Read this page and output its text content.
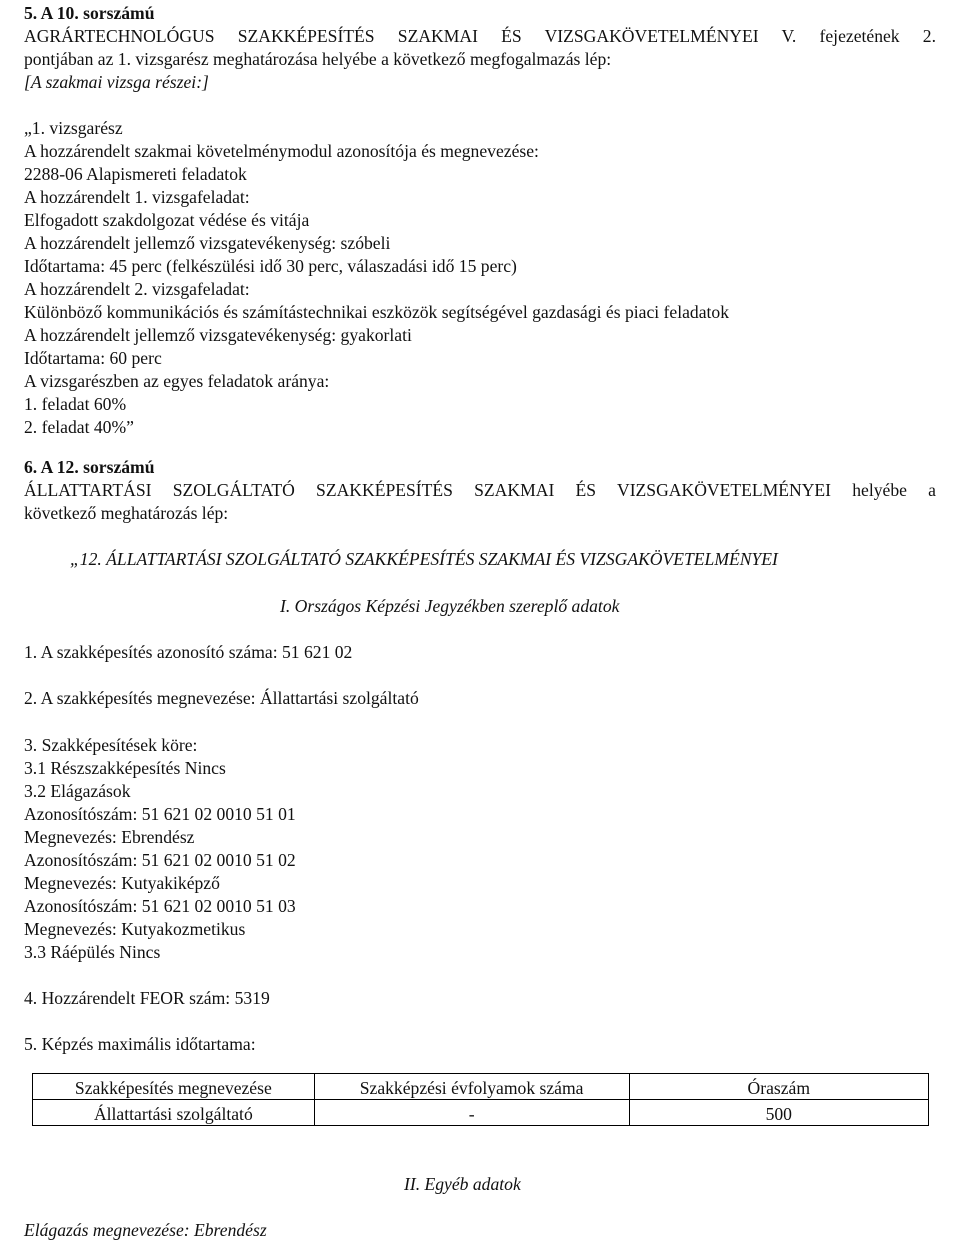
5. A 10. sorszámú
AGRÁRTECHNOLÓGUS SZAKKÉPESÍTÉS SZAKMAI ÉS VIZSGAKÖVETELMÉNYEI V. fejezetének 2.
pontjában az 1. vizsgarész meghatározása helyébe a következő megfogalmazás lép:
[A szakmai vizsga részei:]
„1. vizsgarész
A hozzárendelt szakmai követelménymodul azonosítója és megnevezése:
2288-06 Alapismereti feladatok
A hozzárendelt 1. vizsgafeladat:
Elfogadott szakdolgozat védése és vitája
A hozzárendelt jellemző vizsgatevékenység: szóbeli
Időtartama: 45 perc (felkészülési idő 30 perc, válaszadási idő 15 perc)
A hozzárendelt 2. vizsgafeladat:
Különböző kommunikációs és számítástechnikai eszközök segítségével gazdasági és piaci feladatok
A hozzárendelt jellemző vizsgatevékenység: gyakorlati
Időtartama: 60 perc
A vizsgarészben az egyes feladatok aránya:
1. feladat 60%
2. feladat 40%”
6. A 12. sorszámú
ÁLLATTARTÁSI SZOLGÁLTATÓ SZAKKÉPESÍTÉS SZAKMAI ÉS VIZSGAKÖVETELMÉNYEI helyébe a
következő meghatározás lép:
„12. ÁLLATTARTÁSI SZOLGÁLTATÓ SZAKKÉPESÍTÉS SZAKMAI ÉS VIZSGAKÖVETELMÉNYEI
I. Országos Képzési Jegyzékben szereplő adatok
1. A szakképesítés azonosító száma: 51 621 02
2. A szakképesítés megnevezése: Állattartási szolgáltató
3. Szakképesítések köre:
3.1 Részszakképesítés Nincs
3.2 Elágazások
Azonosítószám: 51 621 02 0010 51 01
Megnevezés: Ebrendész
Azonosítószám: 51 621 02 0010 51 02
Megnevezés: Kutyakiképző
Azonosítószám: 51 621 02 0010 51 03
Megnevezés: Kutyakozmetikus
3.3 Ráépülés Nincs
4. Hozzárendelt FEOR szám: 5319
5. Képzés maximális időtartama:
Szakképesítés megnevezése	Szakképzési évfolyamok száma	Óraszám
Állattartási szolgáltató	-	500
II. Egyéb adatok
Elágazás megnevezése: Ebrendész
